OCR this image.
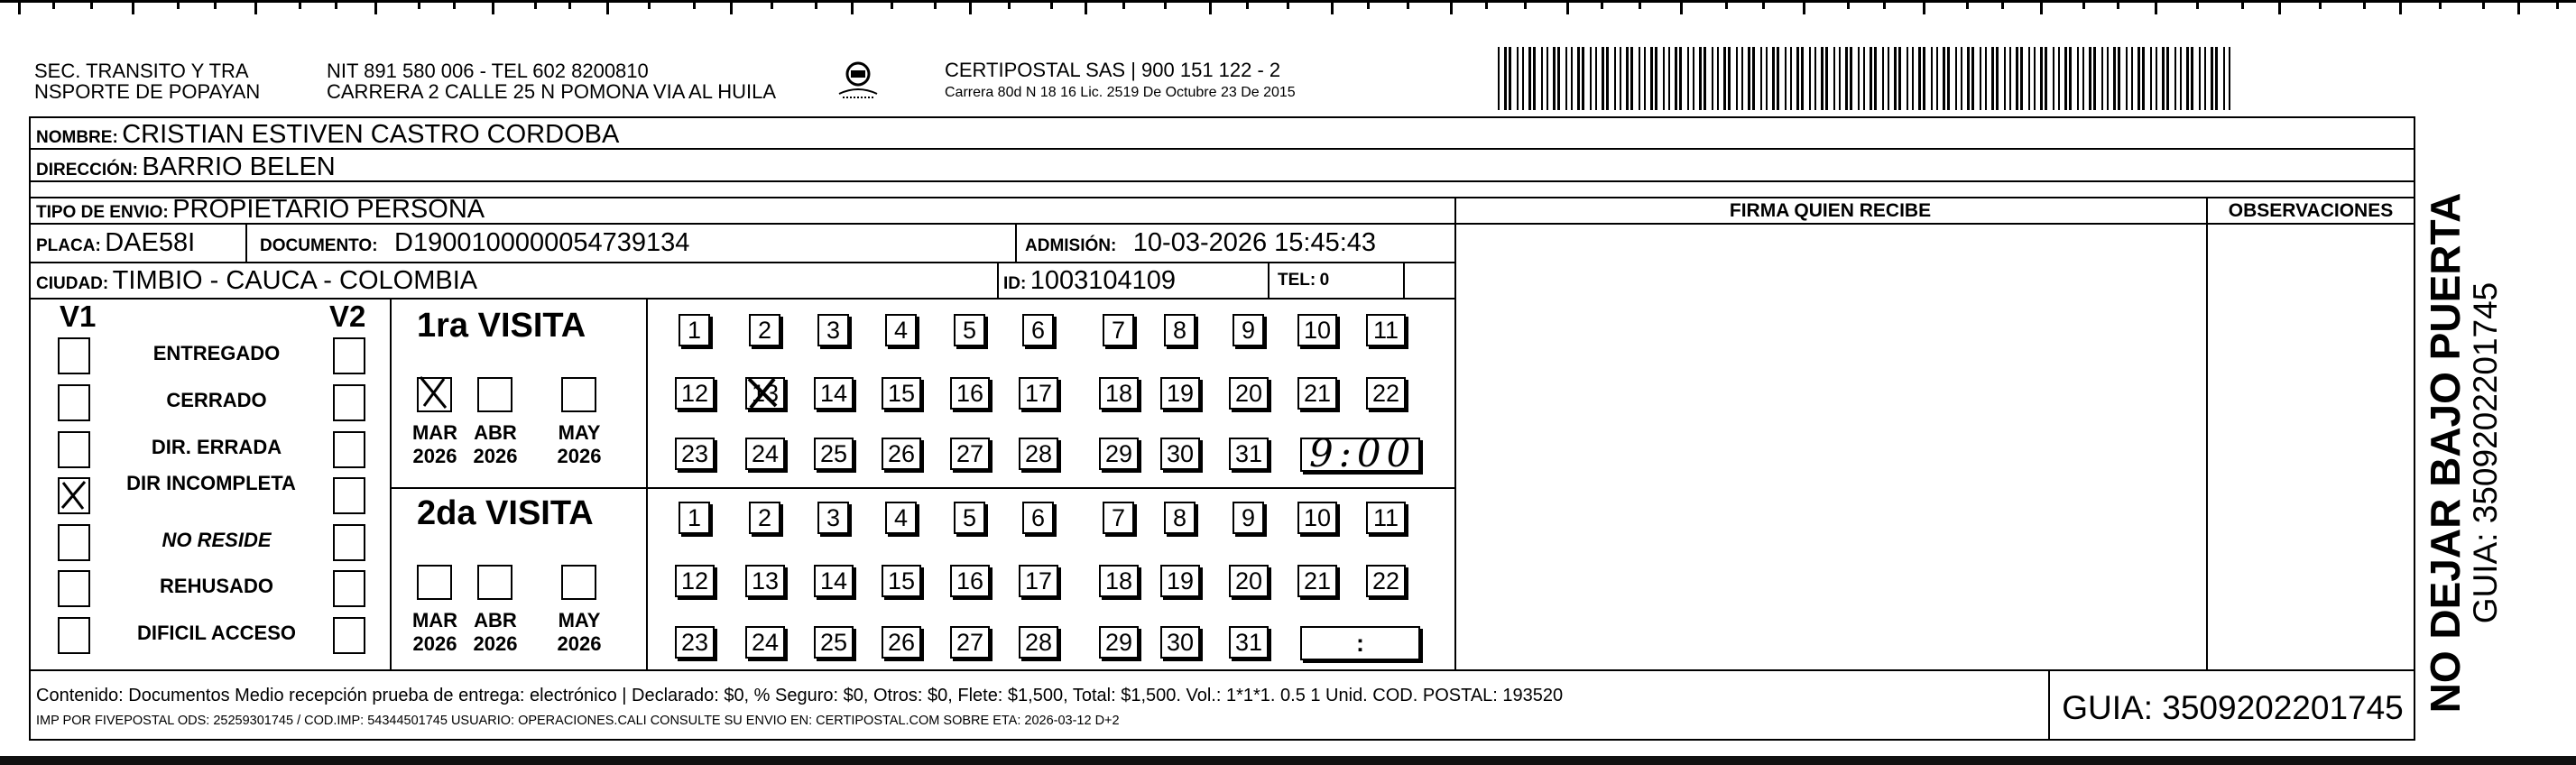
SEC. TRANSITO Y TRA
NSPORTE DE POPAYAN
NIT 891 580 006 - TEL 602 8200810
CARRERA 2 CALLE 25 N POMONA VIA AL HUILA
CERTIPOSTAL SAS | 900 151 122 - 2
Carrera 80d N 18 16 Lic. 2519 De Octubre 23 De 2015
NOMBRE: CRISTIAN ESTIVEN CASTRO CORDOBA
DIRECCIÓN: BARRIO BELEN
TIPO DE ENVIO: PROPIETARIO PERSONA
PLACA: DAE58I	DOCUMENTO: D1900100000054739134	ADMISIÓN: 10-03-2026 15:45:43
CIUDAD: TIMBIO - CAUCA - COLOMBIA	ID: 1003104109	TEL: 0
FIRMA QUIEN RECIBE	OBSERVACIONES
V1	V2
ENTREGADO
CERRADO
DIR. ERRADA
DIR INCOMPLETA
NO RESIDE
REHUSADO
DIFICIL ACCESO
1ra VISITA
MAR
2026
ABR
2026
MAY
2026
1	2	3	4	5	6	7	8	9	10 11
12 13 14 15 16 17 18 19 20 21 22
23 24 25 26 27 28 29 30 31 9:00
2da VISITA
MAR
2026
ABR
2026
MAY
2026
1	2	3	4	5	6	7	8	9	10 11
12 13 14 15 16 17 18 19 20 21 22
23 24 25 26 27 28 29 30 31	:
Contenido: Documentos Medio recepción prueba de entrega: electrónico | Declarado: $0, % Seguro: $0, Otros: $0, Flete: $1,500, Total: $1,500. Vol.: 1*1*1. 0.5 1 Unid. COD. POSTAL: 193520
IMP POR FIVEPOSTAL ODS: 25259301745 / COD.IMP: 54344501745 USUARIO: OPERACIONES.CALI CONSULTE SU ENVIO EN: CERTIPOSTAL.COM SOBRE ETA: 2026-03-12 D+2	GUIA: 3509202201745 NO DEJAR BAJO PUERTA
GUIA: 3509202201745
